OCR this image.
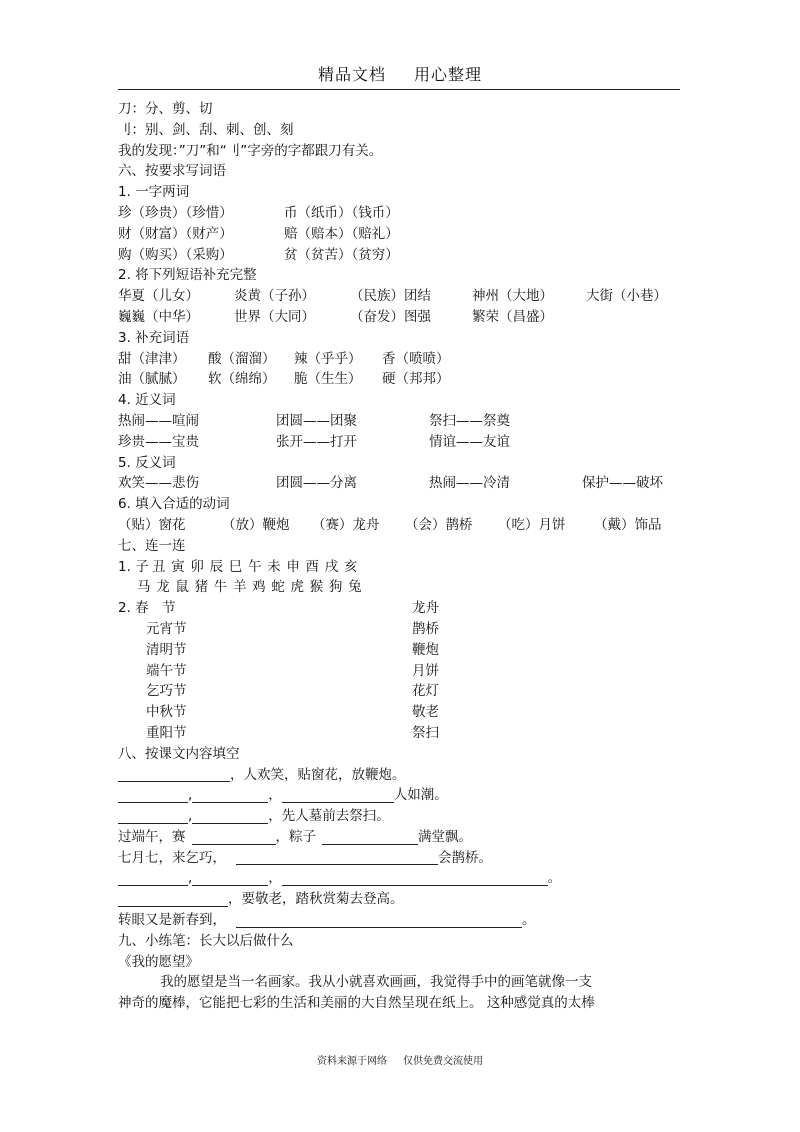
精品文档 用心整理
刀：分、剪、切
刂：别、剑、刮、刺、创、刻
我的发现：”刀”和“刂”字旁的字都跟刀有关。
六、按要求写词语
1. 一字两词
珍（珍贵）（珍惜）	币（纸币）（钱币）
财（财富）（财产）	赔（赔本）（赔礼）
购（购买）（采购）	贫（贫苦）（贫穷）
2. 将下列短语补充完整
华夏（儿女）	炎黄（子孙）	（民族）团结	神州（大地）	大街（小巷）
巍巍（中华）	世界（大同）	（奋发）图强	繁荣（昌盛）
3. 补充词语
甜（津津）	酸（溜溜）	辣（乎乎）	香（喷喷）
油（腻腻）	软（绵绵）	脆（生生）	硬（邦邦）
4. 近义词
热闹——喧闹	团圆——团聚	祭扫——祭奠
珍贵——宝贵	张开——打开	情谊——友谊
5. 反义词
欢笑——悲伤	团圆——分离	热闹——冷清	保护——破坏
6. 填入合适的动词
（贴）窗花	（放）鞭炮	（赛）龙舟	（会）鹊桥	（吃）月饼	（戴）饰品
七、连一连
1. 子 丑 寅 卯 辰 巳 午 未 申 酉 戌 亥
马 龙 鼠 猪 牛 羊 鸡 蛇 虎 猴 狗 兔
2. 春　节	龙舟
元宵节	鹊桥
清明节	鞭炮
端午节	月饼
乞巧节	花灯
中秋节	敬老
重阳节	祭扫
八、按课文内容填空
，人欢笑，贴窗花，放鞭炮。
,	，	人如潮。
,	，先人墓前去祭扫。
过端午，赛	，粽子	满堂飘。
七月七，来乞巧，	会鹊桥。
,	，	。
，要敬老，踏秋赏菊去登高。
转眼又是新春到，	。
九、小练笔：长大以后做什么
《我的愿望》
我的愿望是当一名画家。我从小就喜欢画画，我觉得手中的画笔就像一支
神奇的魔棒，它能把七彩的生活和美丽的大自然呈现在纸上。 这种感觉真的太棒
资料来源于网络 仅供免费交流使用
